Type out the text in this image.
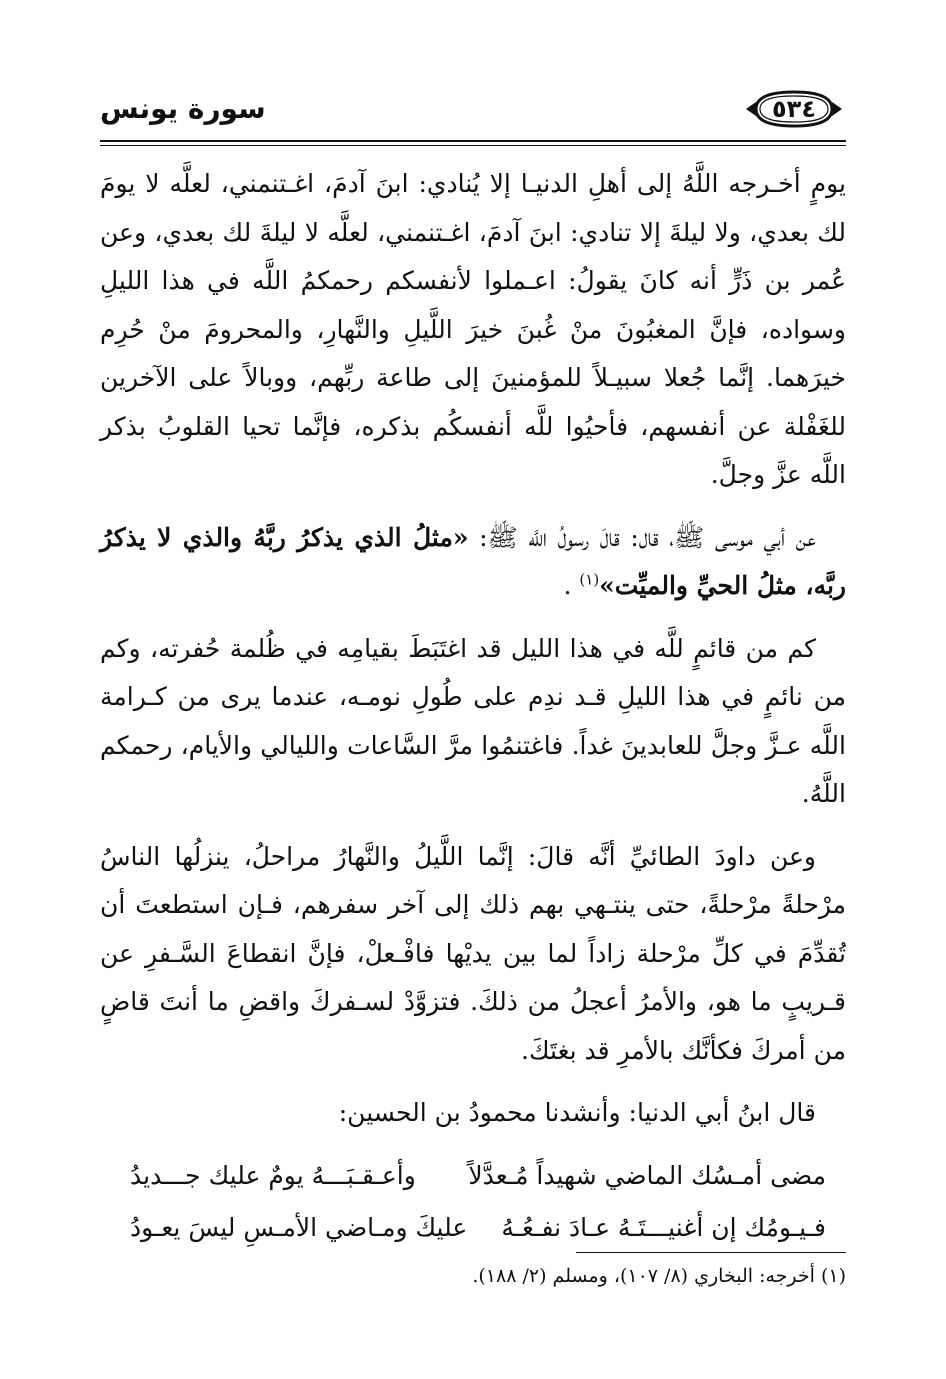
سورة يونس	٥٣٤

يومٍ أخـرجه اللَّهُ إلى أهلِ الدنيـا إلا يُنادي: ابنَ آدمَ، اغـتنمني، لعلَّه لا يومَ لك بعدي، ولا ليلةَ إلا تنادي: ابنَ آدمَ، اغـتنمني، لعلَّه لا ليلةَ لك بعدي، وعن عُمر بن ذَرٍّ أنه كانَ يقولُ: اعـملوا لأنفسكم رحمكمُ اللَّه في هذا الليلِ وسواده، فإنَّ المغبُونَ منْ غُبنَ خيرَ اللَّيلِ والنَّهارِ، والمحرومَ منْ حُرِم خيرَهما. إنَّما جُعلا سبيـلاً للمؤمنينَ إلى طاعة ربِّهم، ووبالاً على الآخرين للغَفْلة عن أنفسهم، فأحيُوا للَّه أنفسكُم بذكره، فإنَّما تحيا القلوبُ بذكر اللَّه عزَّ وجلَّ.

عن أبي موسى ﷺ، قال: قالَ رسولُ اللَّه ﷺ: «مثلُ الذي يذكرُ ربَّهُ والذي لا يذكرُ ربَّه، مثلُ الحيِّ والميِّت»$^{(١)}$ .

كم من قائمٍ للَّه في هذا الليل قد اغتَبَطَ بقيامِه في ظُلمة حُفرته، وكم من نائمٍ في هذا الليلِ قـد ندِم على طُولِ نومـه، عندما يرى من كـرامة اللَّه عـزَّ وجلَّ للعابدينَ غداً. فاغتنمُوا مرَّ السَّاعات والليالي والأيام، رحمكم اللَّهُ.

وعن داودَ الطائيِّ أنَّه قالَ: إنَّما اللَّيلُ والنَّهارُ مراحلُ، ينزلُها الناسُ مرْحلةً مرْحلةً، حتى ينتـهي بهم ذلك إلى آخر سفرهم، فـإن استطعتَ أن تُقدِّمَ في كلِّ مرْحلة زاداً لما بين يديْها فافْـعلْ، فإنَّ انقطاعَ السَّـفرِ عن قـريبٍ ما هو، والأمرُ أعجلُ من ذلكَ. فتزوَّدْ لسـفركَ واقضِ ما أنتَ قاضٍ من أمركَ فكأنَّك بالأمرِ قد بغتَكَ.

قال ابنُ أبي الدنيا: وأنشدنا محمودُ بن الحسين:

مضى أمـسُك الماضي شهيداً مُـعدَّلاً
وأعـقـبَـــهُ يومٌ عليك جـــديدُ
فـيـومُك إن أغنيـــتَـهُ عـادَ نفـعُـهُ
عليكَ ومـاضي الأمـسِ ليسَ يعـودُ
(١) أخرجه: البخاري (٨/ ١٠٧)، ومسلم (٢/ ١٨٨).
